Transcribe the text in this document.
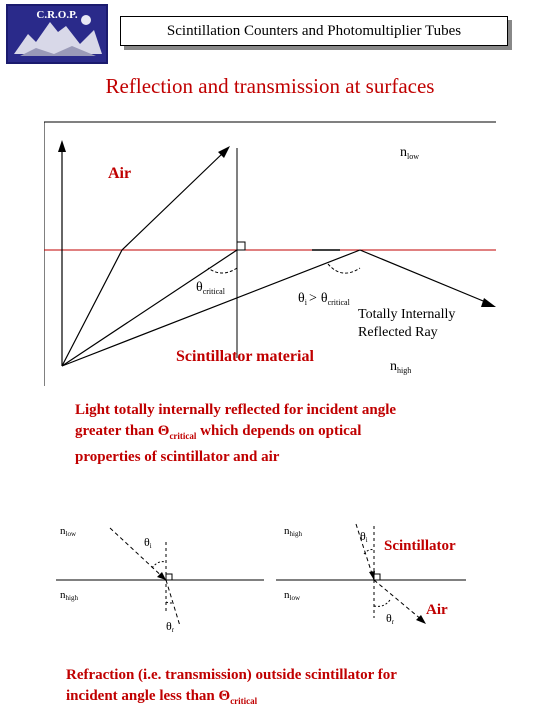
C.R.O.P.
Scintillation Counters and Photomultiplier Tubes
Reflection and transmission at surfaces
Air
Scintillator material
$n_{low}$
$n_{high}$
$\theta_{critical}$	$\theta_i > \theta_{critical}$
Totally Internally
Reflected Ray
Light totally internally reflected for incident angle
greater than $\Theta_{critical}$ which depends on optical
properties of scintillator and air
nlow
nhigh
θi
θr
nhigh
nlow
θi
θr
Scintillator
Air
Refraction (i.e. transmission) outside scintillator for
incident angle less than $\Theta_{critical}$
